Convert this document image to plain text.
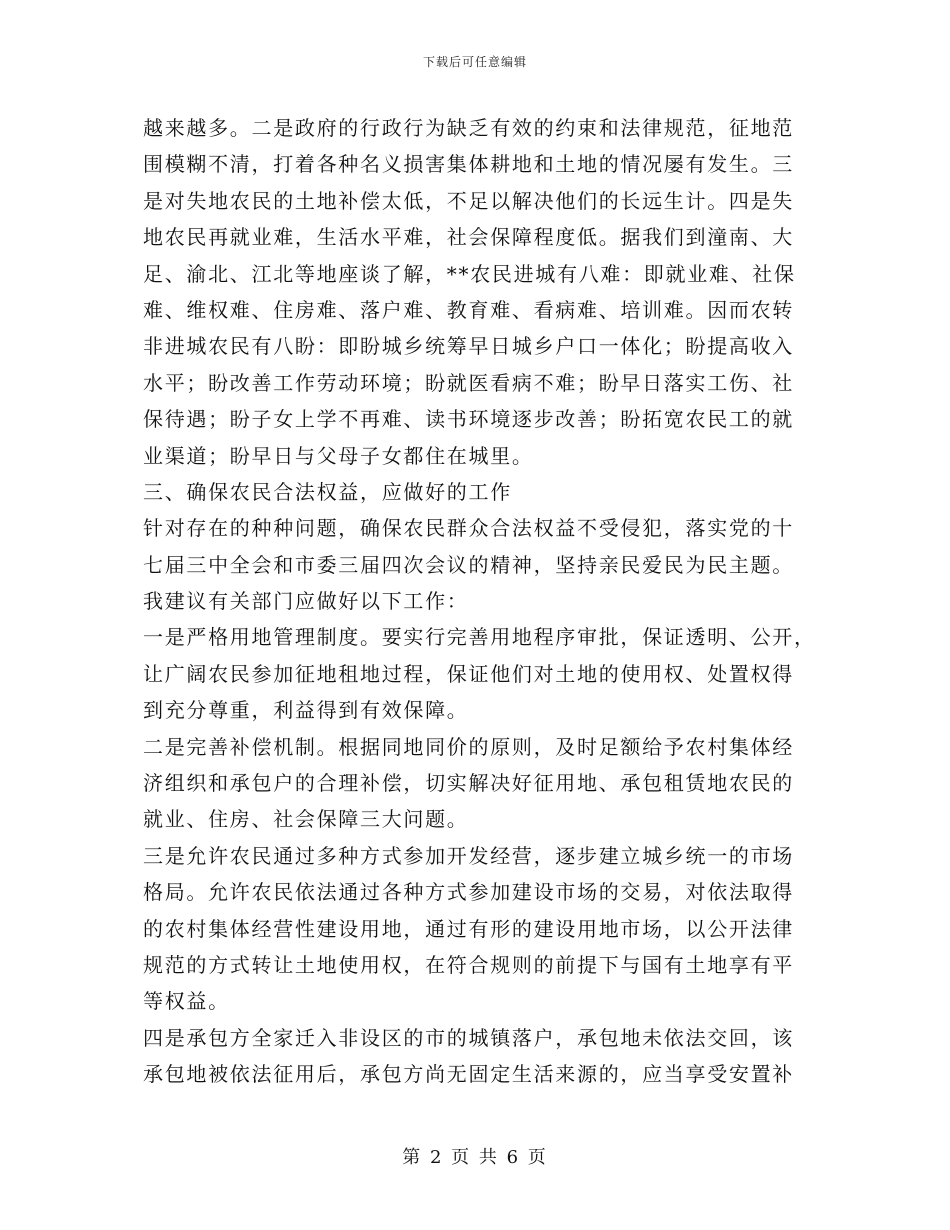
下载后可任意编辑
越来越多。二是政府的行政行为缺乏有效的约束和法律规范，征地范
围模糊不清，打着各种名义损害集体耕地和土地的情况屡有发生。三
是对失地农民的土地补偿太低，不足以解决他们的长远生计。四是失
地农民再就业难，生活水平难，社会保障程度低。据我们到潼南、大
足、渝北、江北等地座谈了解，**农民进城有八难：即就业难、社保
难、维权难、住房难、落户难、教育难、看病难、培训难。因而农转
非进城农民有八盼：即盼城乡统筹早日城乡户口一体化；盼提高收入
水平；盼改善工作劳动环境；盼就医看病不难；盼早日落实工伤、社
保待遇；盼子女上学不再难、读书环境逐步改善；盼拓宽农民工的就
业渠道；盼早日与父母子女都住在城里。
三、确保农民合法权益，应做好的工作
针对存在的种种问题，确保农民群众合法权益不受侵犯，落实党的十
七届三中全会和市委三届四次会议的精神，坚持亲民爱民为民主题。
我建议有关部门应做好以下工作：
一是严格用地管理制度。要实行完善用地程序审批，保证透明、公开，
让广阔农民参加征地租地过程，保证他们对土地的使用权、处置权得
到充分尊重，利益得到有效保障。
二是完善补偿机制。根据同地同价的原则，及时足额给予农村集体经
济组织和承包户的合理补偿，切实解决好征用地、承包租赁地农民的
就业、住房、社会保障三大问题。
三是允许农民通过多种方式参加开发经营，逐步建立城乡统一的市场
格局。允许农民依法通过各种方式参加建设市场的交易，对依法取得
的农村集体经营性建设用地，通过有形的建设用地市场，以公开法律
规范的方式转让土地使用权，在符合规则的前提下与国有土地享有平
等权益。
四是承包方全家迁入非设区的市的城镇落户，承包地未依法交回，该
承包地被依法征用后，承包方尚无固定生活来源的，应当享受安置补
第 2 页 共 6 页
